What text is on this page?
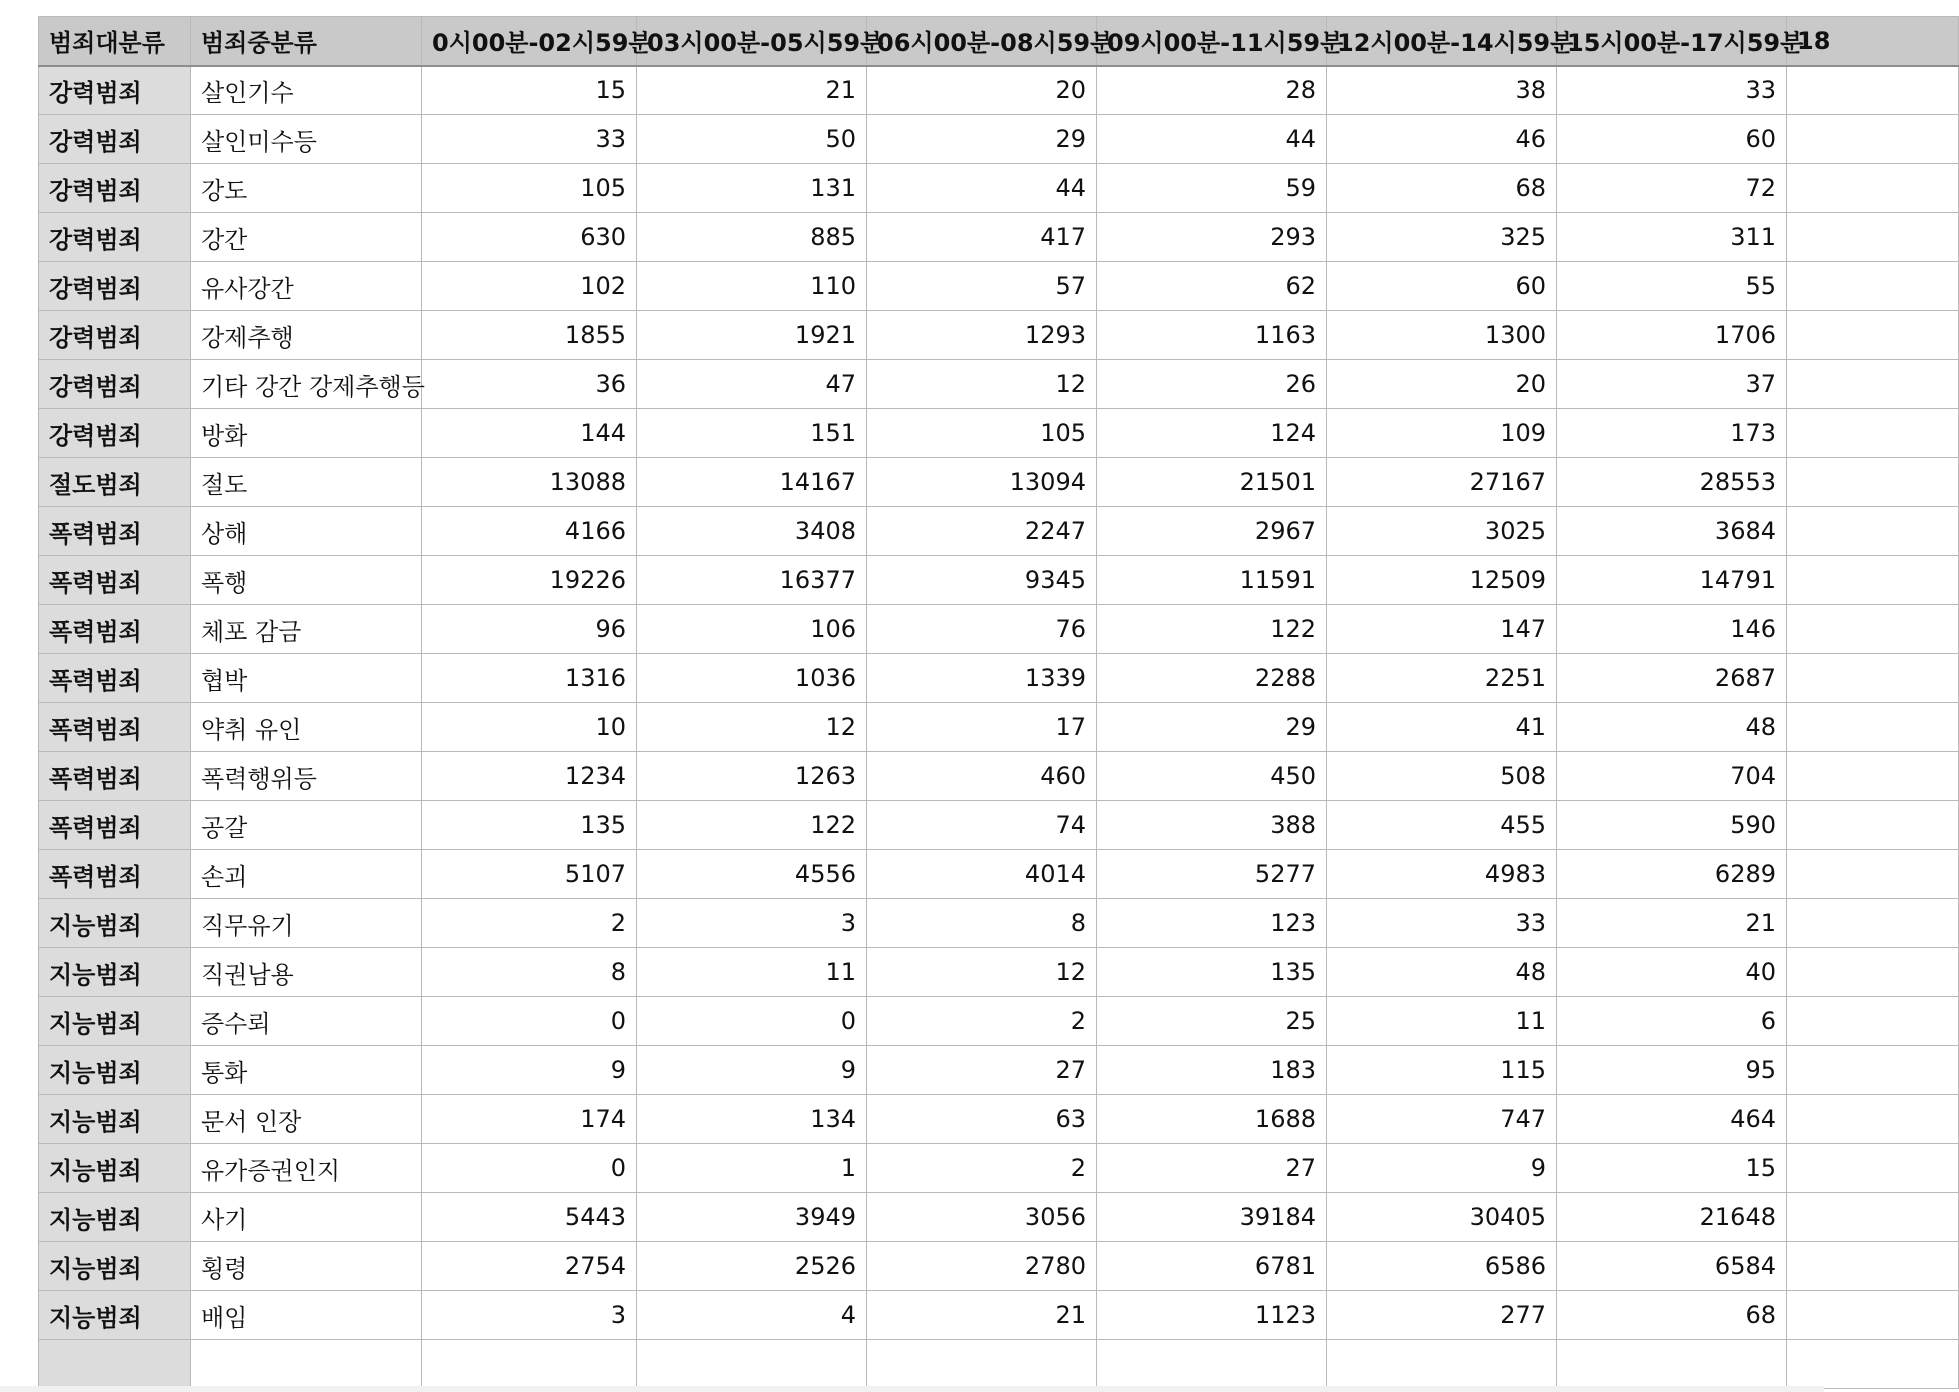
범죄대분류	범죄중분류	0시00분-02시59분	03시00분-05시59분	06시00분-08시59분	09시00분-11시59분	12시00분-14시59분	15시00분-17시59분	18
강력범죄	살인기수	15	21	20	28	38	33	
강력범죄	살인미수등	33	50	29	44	46	60	
강력범죄	강도	105	131	44	59	68	72	
강력범죄	강간	630	885	417	293	325	311	
강력범죄	유사강간	102	110	57	62	60	55	
강력범죄	강제추행	1855	1921	1293	1163	1300	1706	
강력범죄	기타 강간 강제추행등	36	47	12	26	20	37	
강력범죄	방화	144	151	105	124	109	173	
절도범죄	절도	13088	14167	13094	21501	27167	28553	
폭력범죄	상해	4166	3408	2247	2967	3025	3684	
폭력범죄	폭행	19226	16377	9345	11591	12509	14791	
폭력범죄	체포 감금	96	106	76	122	147	146	
폭력범죄	협박	1316	1036	1339	2288	2251	2687	
폭력범죄	약취 유인	10	12	17	29	41	48	
폭력범죄	폭력행위등	1234	1263	460	450	508	704	
폭력범죄	공갈	135	122	74	388	455	590	
폭력범죄	손괴	5107	4556	4014	5277	4983	6289	
지능범죄	직무유기	2	3	8	123	33	21	
지능범죄	직권남용	8	11	12	135	48	40	
지능범죄	증수뢰	0	0	2	25	11	6	
지능범죄	통화	9	9	27	183	115	95	
지능범죄	문서 인장	174	134	63	1688	747	464	
지능범죄	유가증권인지	0	1	2	27	9	15	
지능범죄	사기	5443	3949	3056	39184	30405	21648	
지능범죄	횡령	2754	2526	2780	6781	6586	6584	
지능범죄	배임	3	4	21	1123	277	68	
